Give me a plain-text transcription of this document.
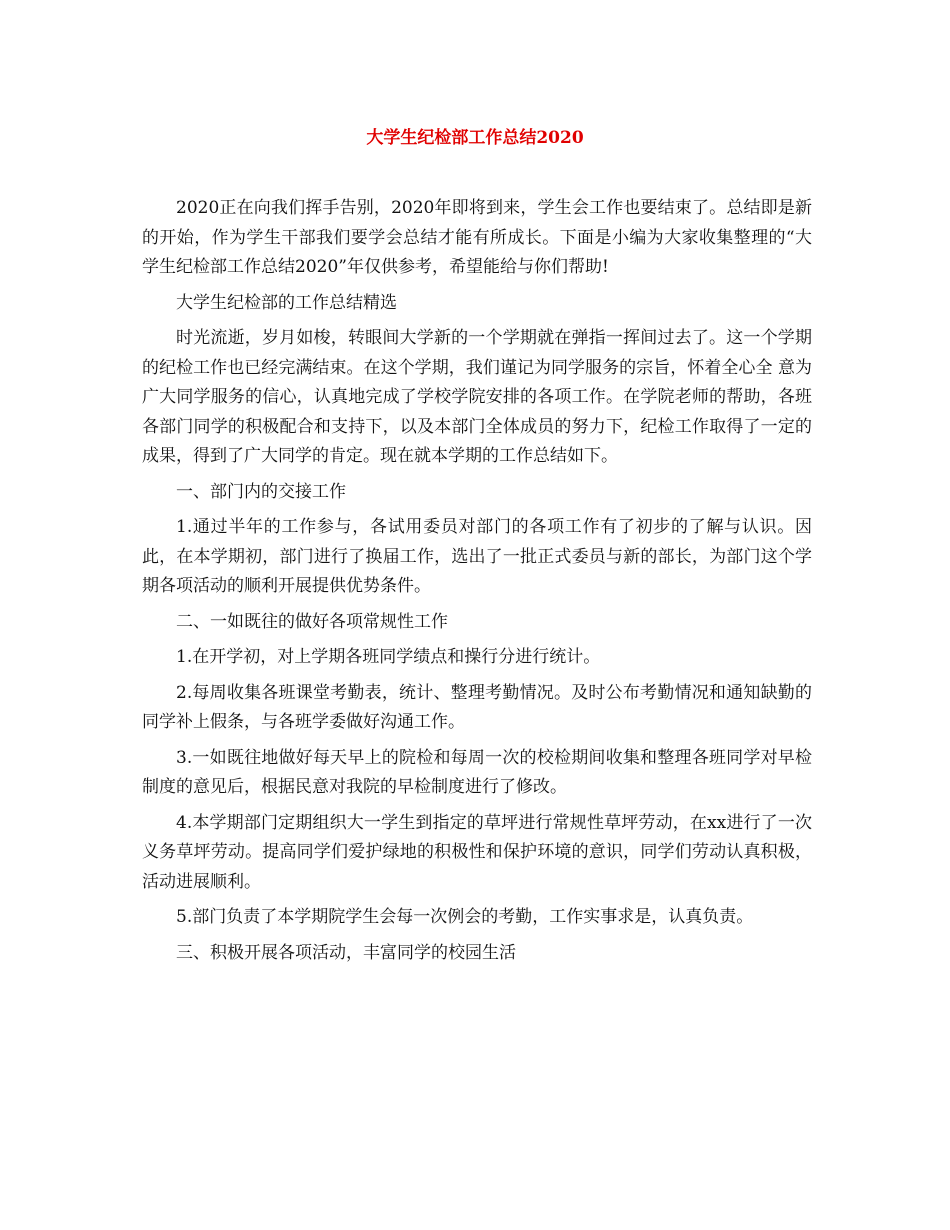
大学生纪检部工作总结2020

2020正在向我们挥手告别，2020年即将到来，学生会工作也要结束了。总结即是新的开始，作为学生干部我们要学会总结才能有所成长。下面是小编为大家收集整理的“大学生纪检部工作总结2020”年仅供参考，希望能给与你们帮助!

大学生纪检部的工作总结精选

时光流逝，岁月如梭，转眼间大学新的一个学期就在弹指一挥间过去了。这一个学期的纪检工作也已经完满结束。在这个学期，我们谨记为同学服务的宗旨，怀着全心全 意为广大同学服务的信心，认真地完成了学校学院安排的各项工作。在学院老师的帮助，各班各部门同学的积极配合和支持下，以及本部门全体成员的努力下，纪检工作取得了一定的成果，得到了广大同学的肯定。现在就本学期的工作总结如下。

一、部门内的交接工作

1.通过半年的工作参与，各试用委员对部门的各项工作有了初步的了解与认识。因此，在本学期初，部门进行了换届工作，选出了一批正式委员与新的部长，为部门这个学期各项活动的顺利开展提供优势条件。

二、一如既往的做好各项常规性工作

1.在开学初，对上学期各班同学绩点和操行分进行统计。

2.每周收集各班课堂考勤表，统计、整理考勤情况。及时公布考勤情况和通知缺勤的同学补上假条，与各班学委做好沟通工作。

3.一如既往地做好每天早上的院检和每周一次的校检期间收集和整理各班同学对早检制度的意见后，根据民意对我院的早检制度进行了修改。

4.本学期部门定期组织大一学生到指定的草坪进行常规性草坪劳动，在xx进行了一次义务草坪劳动。提高同学们爱护绿地的积极性和保护环境的意识，同学们劳动认真积极，活动进展顺利。

5.部门负责了本学期院学生会每一次例会的考勤，工作实事求是，认真负责。

三、积极开展各项活动，丰富同学的校园生活
